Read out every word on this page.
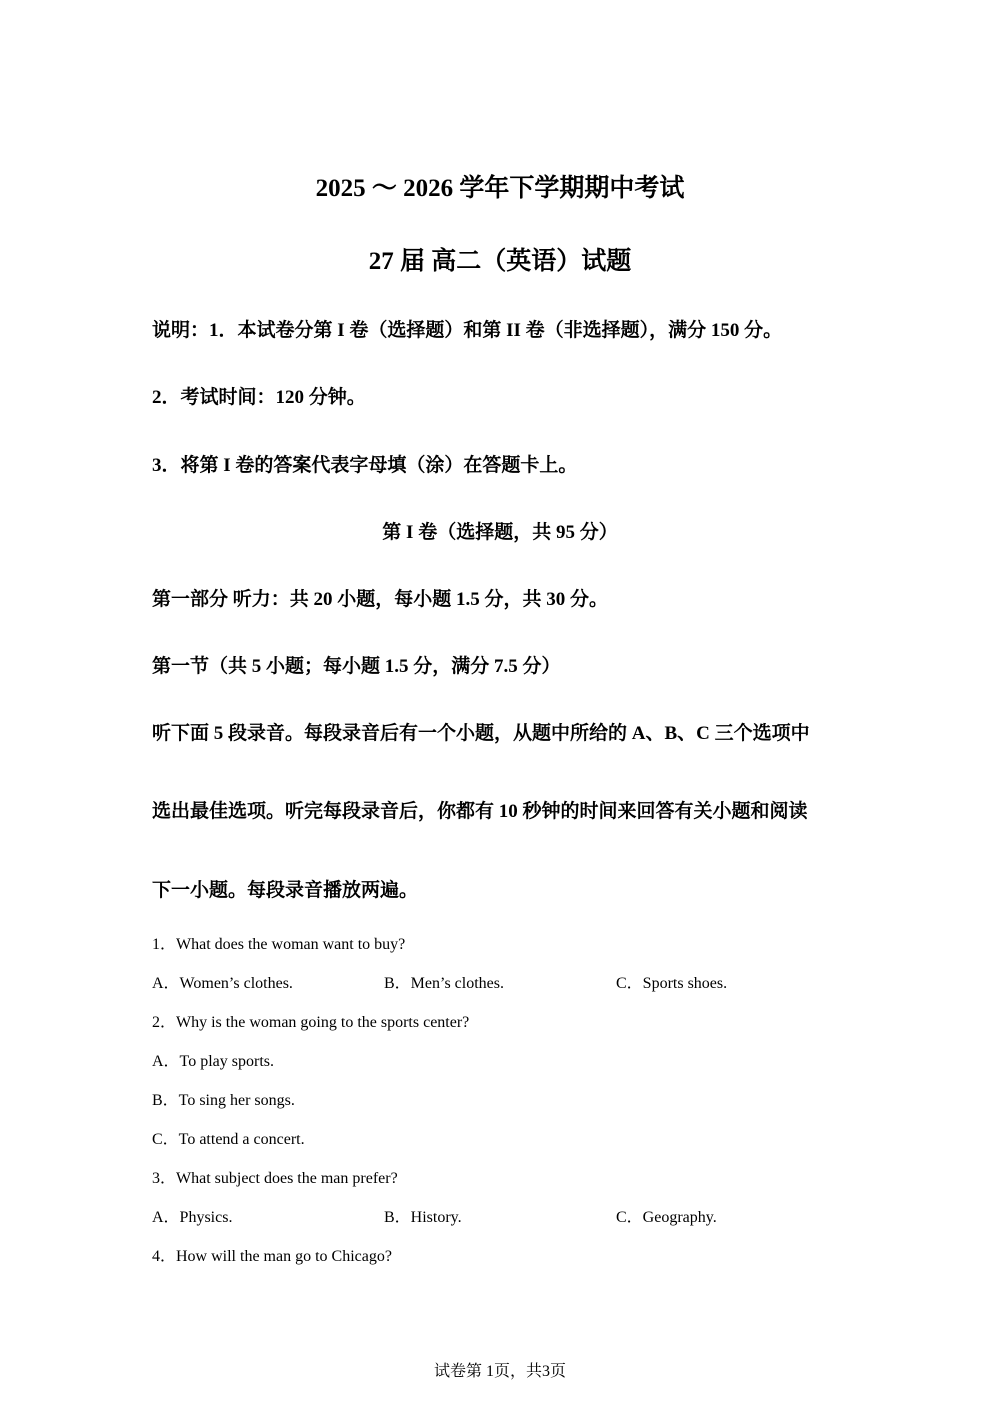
2025 ～ 2026 学年下学期期中考试
27 届 高二（英语）试题
说明：1．本试卷分第 I 卷（选择题）和第 II 卷（非选择题），满分 150 分。
2．考试时间：120 分钟。
3．将第 I 卷的答案代表字母填（涂）在答题卡上。
第 I 卷（选择题，共 95 分）
第一部分 听力：共 20 小题，每小题 1.5 分，共 30 分。
第一节（共 5 小题；每小题 1.5 分，满分 7.5 分）
听下面 5 段录音。每段录音后有一个小题，从题中所给的 A、B、C 三个选项中
选出最佳选项。听完每段录音后，你都有 10 秒钟的时间来回答有关小题和阅读
下一小题。每段录音播放两遍。
1．What does the woman want to buy?
A．Women’s clothes.	B．Men’s clothes.	C．Sports shoes.
2．Why is the woman going to the sports center?
A．To play sports.
B．To sing her songs.
C．To attend a concert.
3．What subject does the man prefer?
A．Physics.	B．History.	C．Geography.
4．How will the man go to Chicago?
试卷第 1页，共3页
